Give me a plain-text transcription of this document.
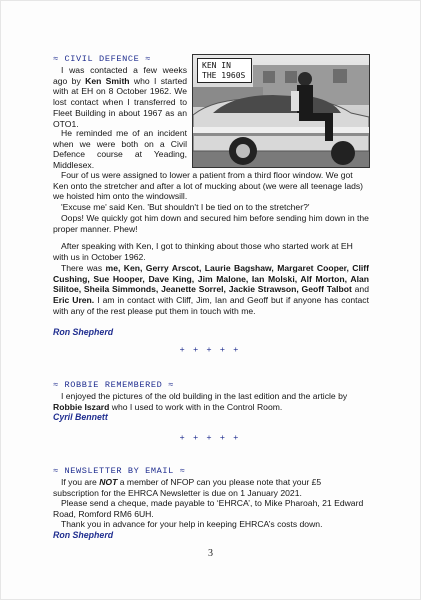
≈ CIVIL DEFENCE ≈
KEN IN
THE 1960S

I was contacted a few weeks ago by Ken Smith who I started with at EH on 8 October 1962. We lost contact when I transferred to Fleet Building in about 1967 as an OTO1.

He reminded me of an incident when we were both on a Civil Defence course at Yeading, Middlesex.

Four of us were assigned to lower a patient from a third floor window. We got Ken onto the stretcher and after a lot of mucking about (we were all teenage lads) we hoisted him onto the windowsill.

'Excuse me' said Ken. 'But shouldn't I be tied on to the stretcher?'

Oops! We quickly got him down and secured him before sending him down in the proper manner. Phew!

After speaking with Ken, I got to thinking about those who started work at EH with us in October 1962.

There was me, Ken, Gerry Arscot, Laurie Bagshaw, Margaret Cooper, Cliff Cushing, Sue Hooper, Dave King, Jim Malone, Ian Molski, Alf Morton, Alan Silitoe, Sheila Simmonds, Jeanette Sorrel, Jackie Strawson, Geoff Talbot and Eric Uren. I am in contact with Cliff, Jim, Ian and Geoff but if anyone has contact with any of the rest please put them in touch with me.

Ron Shepherd
+ + + + +
≈ ROBBIE REMEMBERED ≈

I enjoyed the pictures of the old building in the last edition and the article by Robbie Iszard who I used to work with in the Control Room.

Cyril Bennett
+ + + + +
≈ NEWSLETTER BY EMAIL ≈

If you are NOT a member of NFOP can you please note that your £5 subscription for the EHRCA Newsletter is due on 1 January 2021.

Please send a cheque, made payable to ‘EHRCA’, to Mike Pharoah, 21 Edward Road, Romford RM6 6UH.

Thank you in advance for your help in keeping EHRCA’s costs down.

Ron Shepherd
3
